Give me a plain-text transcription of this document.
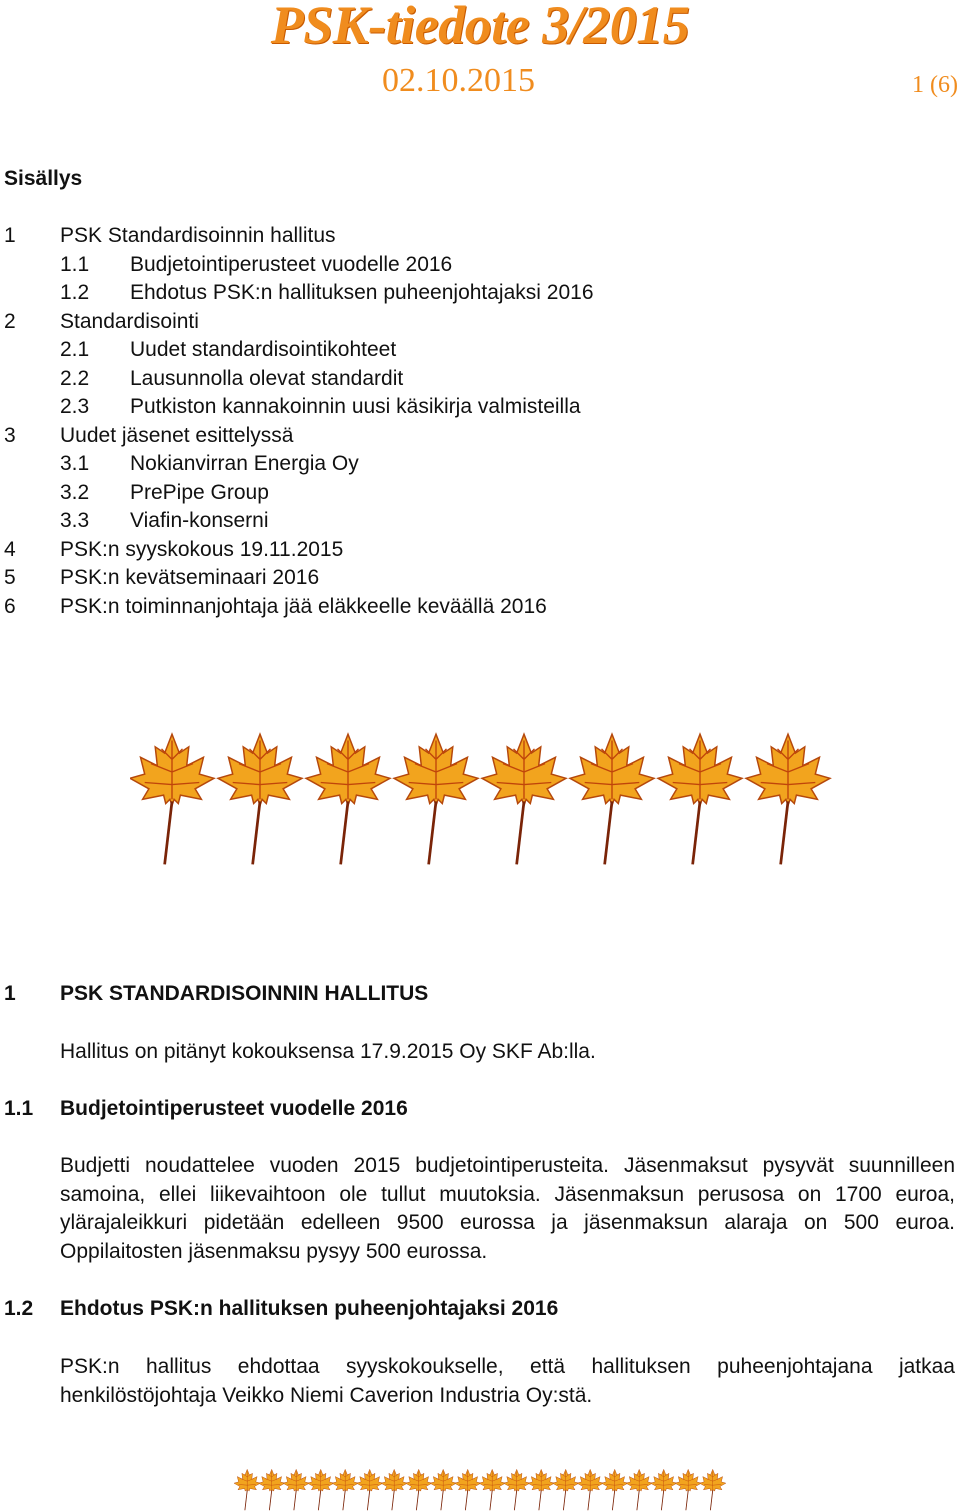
PSK-tiedote 3/2015
02.10.2015	1 (6)
Sisällys
1 PSK Standardisoinnin hallitus
1.1 Budjetointiperusteet vuodelle 2016
1.2 Ehdotus PSK:n hallituksen puheenjohtajaksi 2016
2 Standardisointi
2.1 Uudet standardisointikohteet
2.2 Lausunnolla olevat standardit
2.3 Putkiston kannakoinnin uusi käsikirja valmisteilla
3 Uudet jäsenet esittelyssä
3.1 Nokianvirran Energia Oy
3.2 PrePipe Group
3.3 Viafin-konserni
4 PSK:n syyskokous 19.11.2015
5 PSK:n kevätseminaari 2016
6 PSK:n toiminnanjohtaja jää eläkkeelle keväällä 2016
1 PSK STANDARDISOINNIN HALLITUS
Hallitus on pitänyt kokouksensa 17.9.2015 Oy SKF Ab:lla.
1.1 Budjetointiperusteet vuodelle 2016

Budjetti noudattelee vuoden 2015 budjetointiperusteita. Jäsenmaksut pysyvät suunnilleen samoina, ellei liikevaihtoon ole tullut muutoksia. Jäsenmaksun perusosa on 1700 euroa, ylärajaleikkuri pidetään edelleen 9500 eurossa ja jäsenmaksun alaraja on 500 euroa. Oppilaitosten jäsenmaksu pysyy 500 eurossa.

1.2 Ehdotus PSK:n hallituksen puheenjohtajaksi 2016

PSK:n hallitus ehdottaa syyskokoukselle, että hallituksen puheenjohtajana jatkaa henkilöstöjohtaja Veikko Niemi Caverion Industria Oy:stä.
